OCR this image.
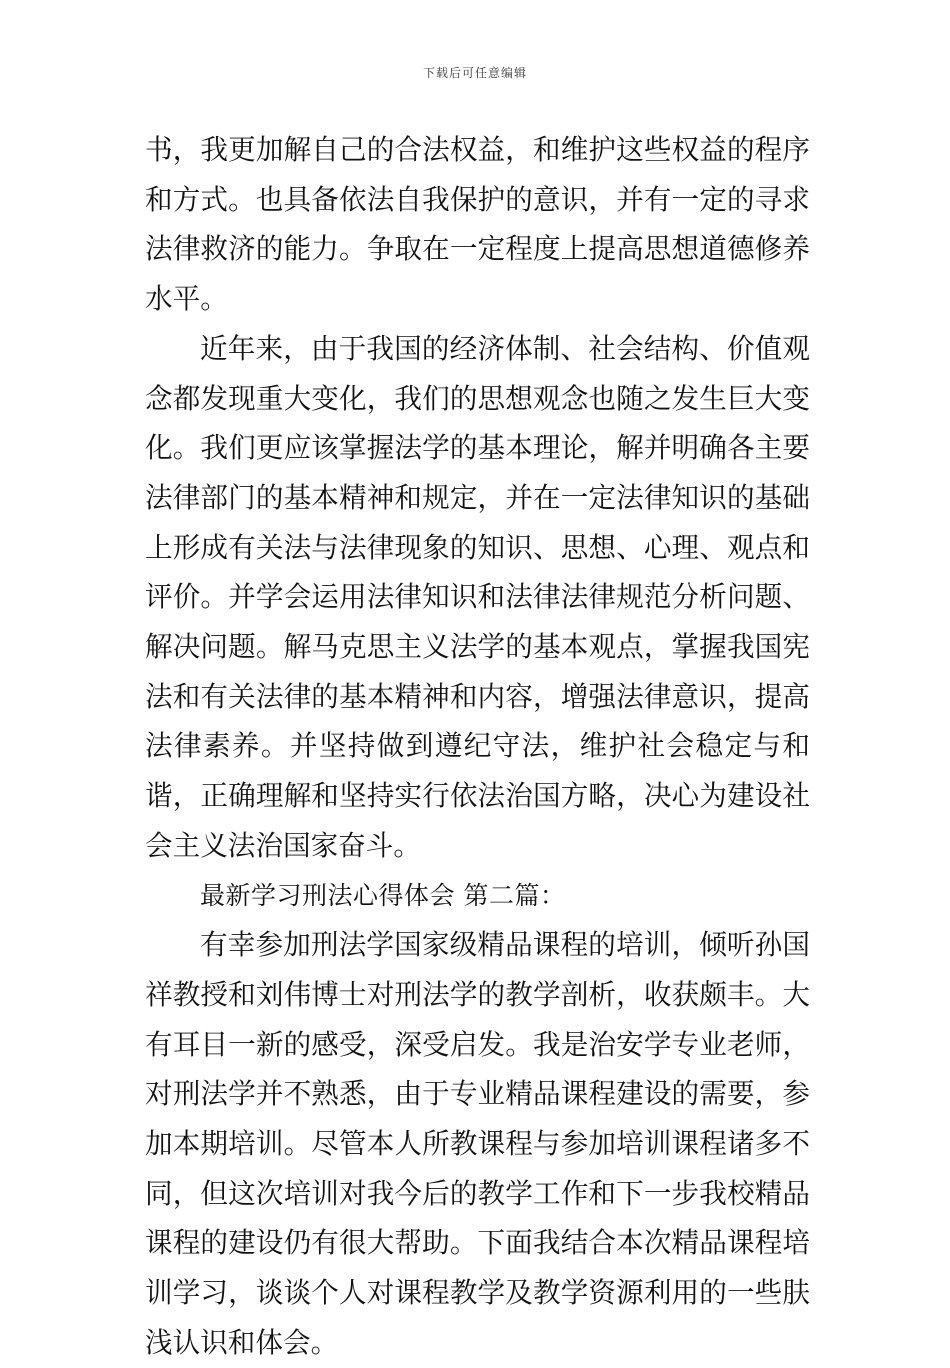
下载后可任意编辑

书，我更加解自己的合法权益，和维护这些权益的程序和方式。也具备依法自我保护的意识，并有一定的寻求法律救济的能力。争取在一定程度上提高思想道德修养水平。

近年来，由于我国的经济体制、社会结构、价值观念都发现重大变化，我们的思想观念也随之发生巨大变化。我们更应该掌握法学的基本理论，解并明确各主要法律部门的基本精神和规定，并在一定法律知识的基础上形成有关法与法律现象的知识、思想、心理、观点和评价。并学会运用法律知识和法律法律规范分析问题、解决问题。解马克思主义法学的基本观点，掌握我国宪法和有关法律的基本精神和内容，增强法律意识，提高法律素养。并坚持做到遵纪守法，维护社会稳定与和谐，正确理解和坚持实行依法治国方略，决心为建设社会主义法治国家奋斗。

最新学习刑法心得体会 第二篇：

有幸参加刑法学国家级精品课程的培训，倾听孙国祥教授和刘伟博士对刑法学的教学剖析，收获颇丰。大有耳目一新的感受，深受启发。我是治安学专业老师，对刑法学并不熟悉，由于专业精品课程建设的需要，参加本期培训。尽管本人所教课程与参加培训课程诸多不同，但这次培训对我今后的教学工作和下一步我校精品课程的建设仍有很大帮助。下面我结合本次精品课程培训学习，谈谈个人对课程教学及教学资源利用的一些肤浅认识和体会。
